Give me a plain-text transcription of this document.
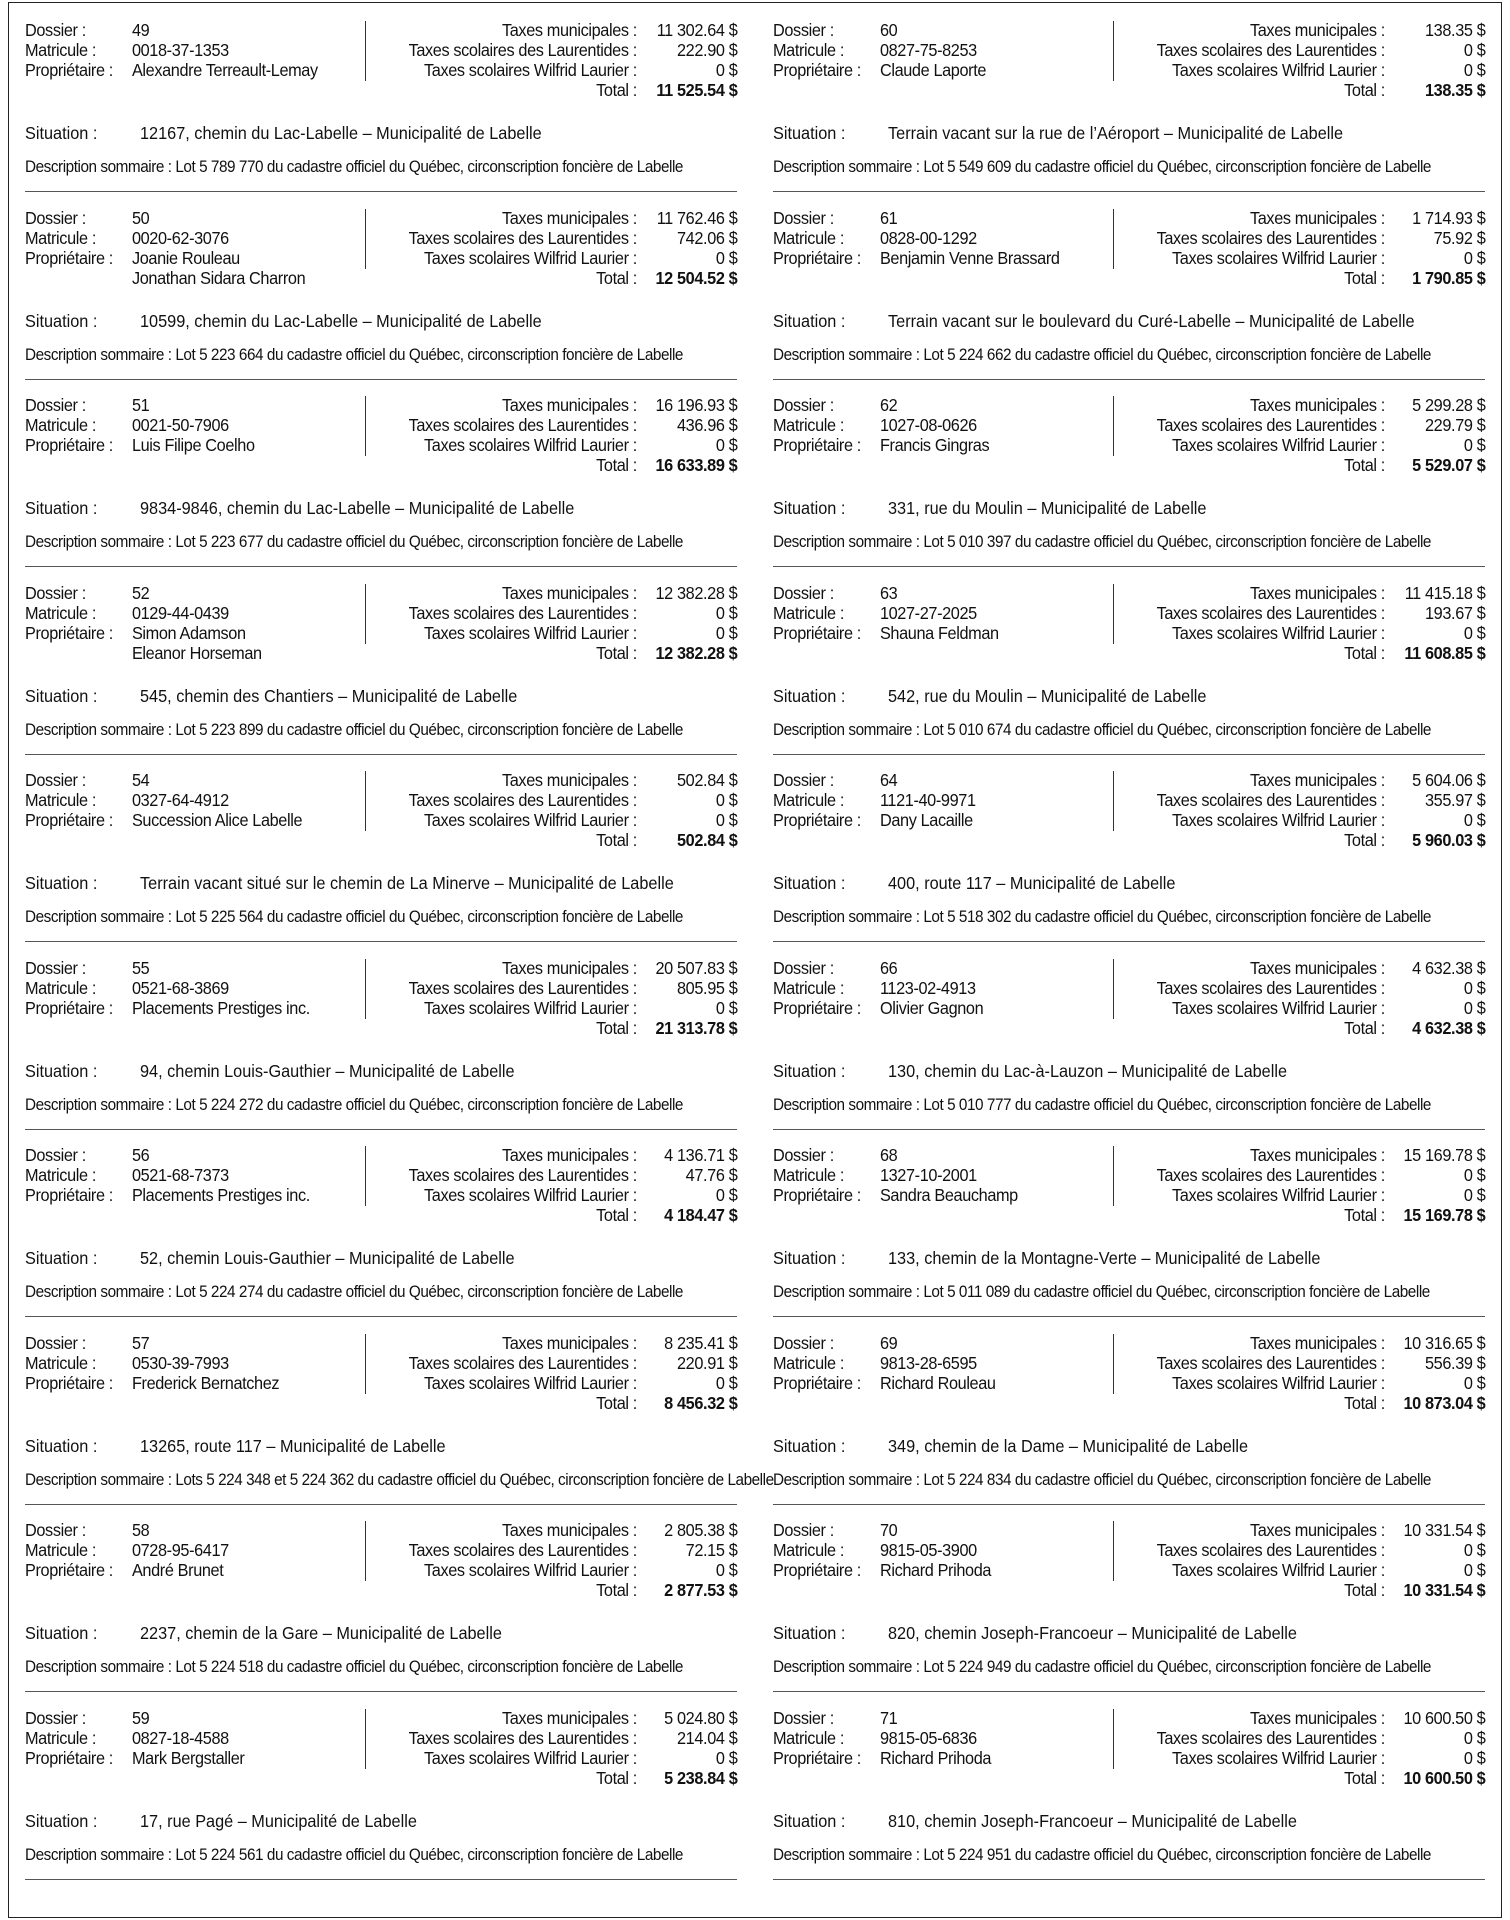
Dossier :	49
Matricule : 0018-37-1353
Propriétaire : Alexandre Terreault-Lemay
Taxes municipales : 11 302.64 $
Taxes scolaires des Laurentides : 222.90 $
Taxes scolaires Wilfrid Laurier :	0 $
Total : 11 525.54 $
Situation : 12167, chemin du Lac-Labelle – Municipalité de Labelle
Description sommaire : Lot 5 789 770 du cadastre officiel du Québec, circonscription foncière de Labelle
Dossier :	50
Matricule : 0020-62-3076
Propriétaire : Joanie Rouleau
Jonathan Sidara Charron
Taxes municipales : 11 762.46 $
Taxes scolaires des Laurentides : 742.06 $
Taxes scolaires Wilfrid Laurier :	0 $
Total : 12 504.52 $
Situation : 10599, chemin du Lac-Labelle – Municipalité de Labelle
Description sommaire : Lot 5 223 664 du cadastre officiel du Québec, circonscription foncière de Labelle
Dossier :	51
Matricule : 0021-50-7906
Propriétaire : Luis Filipe Coelho
Taxes municipales : 16 196.93 $
Taxes scolaires des Laurentides : 436.96 $
Taxes scolaires Wilfrid Laurier :	0 $
Total : 16 633.89 $
Situation : 9834-9846, chemin du Lac-Labelle – Municipalité de Labelle
Description sommaire : Lot 5 223 677 du cadastre officiel du Québec, circonscription foncière de Labelle
Dossier :	52
Matricule : 0129-44-0439
Propriétaire : Simon Adamson
Eleanor Horseman
Taxes municipales : 12 382.28 $
Taxes scolaires des Laurentides :	0 $
Taxes scolaires Wilfrid Laurier :	0 $
Total : 12 382.28 $
Situation : 545, chemin des Chantiers – Municipalité de Labelle
Description sommaire : Lot 5 223 899 du cadastre officiel du Québec, circonscription foncière de Labelle
Dossier :	54
Matricule : 0327-64-4912
Propriétaire : Succession Alice Labelle
Taxes municipales : 502.84 $
Taxes scolaires des Laurentides :	0 $
Taxes scolaires Wilfrid Laurier :	0 $
Total : 502.84 $
Situation : Terrain vacant situé sur le chemin de La Minerve – Municipalité de Labelle
Description sommaire : Lot 5 225 564 du cadastre officiel du Québec, circonscription foncière de Labelle
Dossier :	55
Matricule : 0521-68-3869
Propriétaire : Placements Prestiges inc.
Taxes municipales : 20 507.83 $
Taxes scolaires des Laurentides : 805.95 $
Taxes scolaires Wilfrid Laurier :	0 $
Total : 21 313.78 $
Situation : 94, chemin Louis-Gauthier – Municipalité de Labelle
Description sommaire : Lot 5 224 272 du cadastre officiel du Québec, circonscription foncière de Labelle
Dossier :	56
Matricule : 0521-68-7373
Propriétaire : Placements Prestiges inc.
Taxes municipales : 4 136.71 $
Taxes scolaires des Laurentides :	47.76 $
Taxes scolaires Wilfrid Laurier :	0 $
Total : 4 184.47 $
Situation : 52, chemin Louis-Gauthier – Municipalité de Labelle
Description sommaire : Lot 5 224 274 du cadastre officiel du Québec, circonscription foncière de Labelle
Dossier :	57
Matricule : 0530-39-7993
Propriétaire : Frederick Bernatchez
Taxes municipales : 8 235.41 $
Taxes scolaires des Laurentides : 220.91 $
Taxes scolaires Wilfrid Laurier :	0 $
Total : 8 456.32 $
Situation : 13265, route 117 – Municipalité de Labelle
Description sommaire : Lots 5 224 348 et 5 224 362 du cadastre officiel du Québec, circonscription foncière de Labelle
Dossier :	58
Matricule : 0728-95-6417
Propriétaire : André Brunet
Taxes municipales : 2 805.38 $
Taxes scolaires des Laurentides :	72.15 $
Taxes scolaires Wilfrid Laurier :	0 $
Total : 2 877.53 $
Situation : 2237, chemin de la Gare – Municipalité de Labelle
Description sommaire : Lot 5 224 518 du cadastre officiel du Québec, circonscription foncière de Labelle
Dossier :	59
Matricule : 0827-18-4588
Propriétaire : Mark Bergstaller
Taxes municipales : 5 024.80 $
Taxes scolaires des Laurentides : 214.04 $
Taxes scolaires Wilfrid Laurier :	0 $
Total : 5 238.84 $
Situation : 17, rue Pagé – Municipalité de Labelle
Description sommaire : Lot 5 224 561 du cadastre officiel du Québec, circonscription foncière de Labelle
Dossier :	60
Matricule : 0827-75-8253
Propriétaire : Claude Laporte
Taxes municipales : 138.35 $
Taxes scolaires des Laurentides :	0 $
Taxes scolaires Wilfrid Laurier :	0 $
Total : 138.35 $
Situation : Terrain vacant sur la rue de l’Aéroport – Municipalité de Labelle
Description sommaire : Lot 5 549 609 du cadastre officiel du Québec, circonscription foncière de Labelle
Dossier :	61
Matricule : 0828-00-1292
Propriétaire : Benjamin Venne Brassard
Taxes municipales : 1 714.93 $
Taxes scolaires des Laurentides :	75.92 $
Taxes scolaires Wilfrid Laurier :	0 $
Total : 1 790.85 $
Situation : Terrain vacant sur le boulevard du Curé-Labelle – Municipalité de Labelle
Description sommaire : Lot 5 224 662 du cadastre officiel du Québec, circonscription foncière de Labelle
Dossier :	62
Matricule : 1027-08-0626
Propriétaire : Francis Gingras
Taxes municipales : 5 299.28 $
Taxes scolaires des Laurentides : 229.79 $
Taxes scolaires Wilfrid Laurier :	0 $
Total : 5 529.07 $
Situation : 331, rue du Moulin – Municipalité de Labelle
Description sommaire : Lot 5 010 397 du cadastre officiel du Québec, circonscription foncière de Labelle
Dossier :	63
Matricule : 1027-27-2025
Propriétaire : Shauna Feldman
Taxes municipales : 11 415.18 $
Taxes scolaires des Laurentides : 193.67 $
Taxes scolaires Wilfrid Laurier :	0 $
Total : 11 608.85 $
Situation : 542, rue du Moulin – Municipalité de Labelle
Description sommaire : Lot 5 010 674 du cadastre officiel du Québec, circonscription foncière de Labelle
Dossier :	64
Matricule : 1121-40-9971
Propriétaire : Dany Lacaille
Taxes municipales : 5 604.06 $
Taxes scolaires des Laurentides : 355.97 $
Taxes scolaires Wilfrid Laurier :	0 $
Total : 5 960.03 $
Situation : 400, route 117 – Municipalité de Labelle
Description sommaire : Lot 5 518 302 du cadastre officiel du Québec, circonscription foncière de Labelle
Dossier :	66
Matricule : 1123-02-4913
Propriétaire : Olivier Gagnon
Taxes municipales : 4 632.38 $
Taxes scolaires des Laurentides :	0 $
Taxes scolaires Wilfrid Laurier :	0 $
Total : 4 632.38 $
Situation : 130, chemin du Lac-à-Lauzon – Municipalité de Labelle
Description sommaire : Lot 5 010 777 du cadastre officiel du Québec, circonscription foncière de Labelle
Dossier :	68
Matricule : 1327-10-2001
Propriétaire : Sandra Beauchamp
Taxes municipales : 15 169.78 $
Taxes scolaires des Laurentides :	0 $
Taxes scolaires Wilfrid Laurier :	0 $
Total : 15 169.78 $
Situation : 133, chemin de la Montagne-Verte – Municipalité de Labelle
Description sommaire : Lot 5 011 089 du cadastre officiel du Québec, circonscription foncière de Labelle
Dossier :	69
Matricule : 9813-28-6595
Propriétaire : Richard Rouleau
Taxes municipales : 10 316.65 $
Taxes scolaires des Laurentides : 556.39 $
Taxes scolaires Wilfrid Laurier :	0 $
Total : 10 873.04 $
Situation : 349, chemin de la Dame – Municipalité de Labelle
Description sommaire : Lot 5 224 834 du cadastre officiel du Québec, circonscription foncière de Labelle
Dossier :	70
Matricule : 9815-05-3900
Propriétaire : Richard Prihoda
Taxes municipales : 10 331.54 $
Taxes scolaires des Laurentides :	0 $
Taxes scolaires Wilfrid Laurier :	0 $
Total : 10 331.54 $
Situation : 820, chemin Joseph-Francoeur – Municipalité de Labelle
Description sommaire : Lot 5 224 949 du cadastre officiel du Québec, circonscription foncière de Labelle
Dossier :	71
Matricule : 9815-05-6836
Propriétaire : Richard Prihoda
Taxes municipales : 10 600.50 $
Taxes scolaires des Laurentides :	0 $
Taxes scolaires Wilfrid Laurier :	0 $
Total : 10 600.50 $
Situation : 810, chemin Joseph-Francoeur – Municipalité de Labelle
Description sommaire : Lot 5 224 951 du cadastre officiel du Québec, circonscription foncière de Labelle
